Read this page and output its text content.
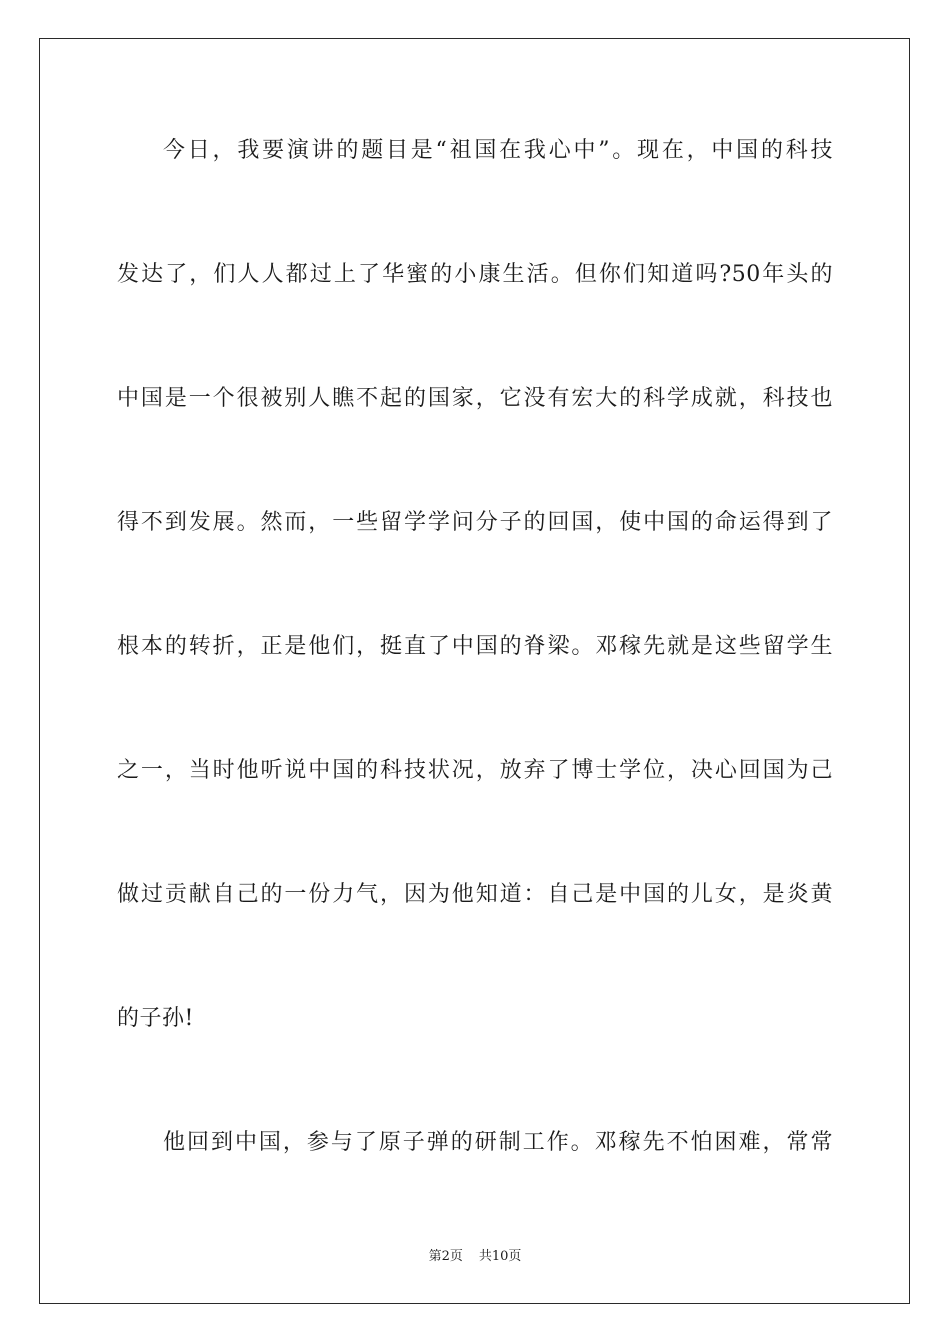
今日，我要演讲的题目是“祖国在我心中”。现在，中国的科技
发达了，们人人都过上了华蜜的小康生活。但你们知道吗?50年头的
中国是一个很被别人瞧不起的国家，它没有宏大的科学成就，科技也
得不到发展。然而，一些留学学问分子的回国，使中国的命运得到了
根本的转折，正是他们，挺直了中国的脊梁。邓稼先就是这些留学生
之一，当时他听说中国的科技状况，放弃了博士学位，决心回国为己
做过贡献自己的一份力气，因为他知道：自己是中国的儿女，是炎黄
的子孙!
他回到中国，参与了原子弹的研制工作。邓稼先不怕困难，常常
第2页 共10页
